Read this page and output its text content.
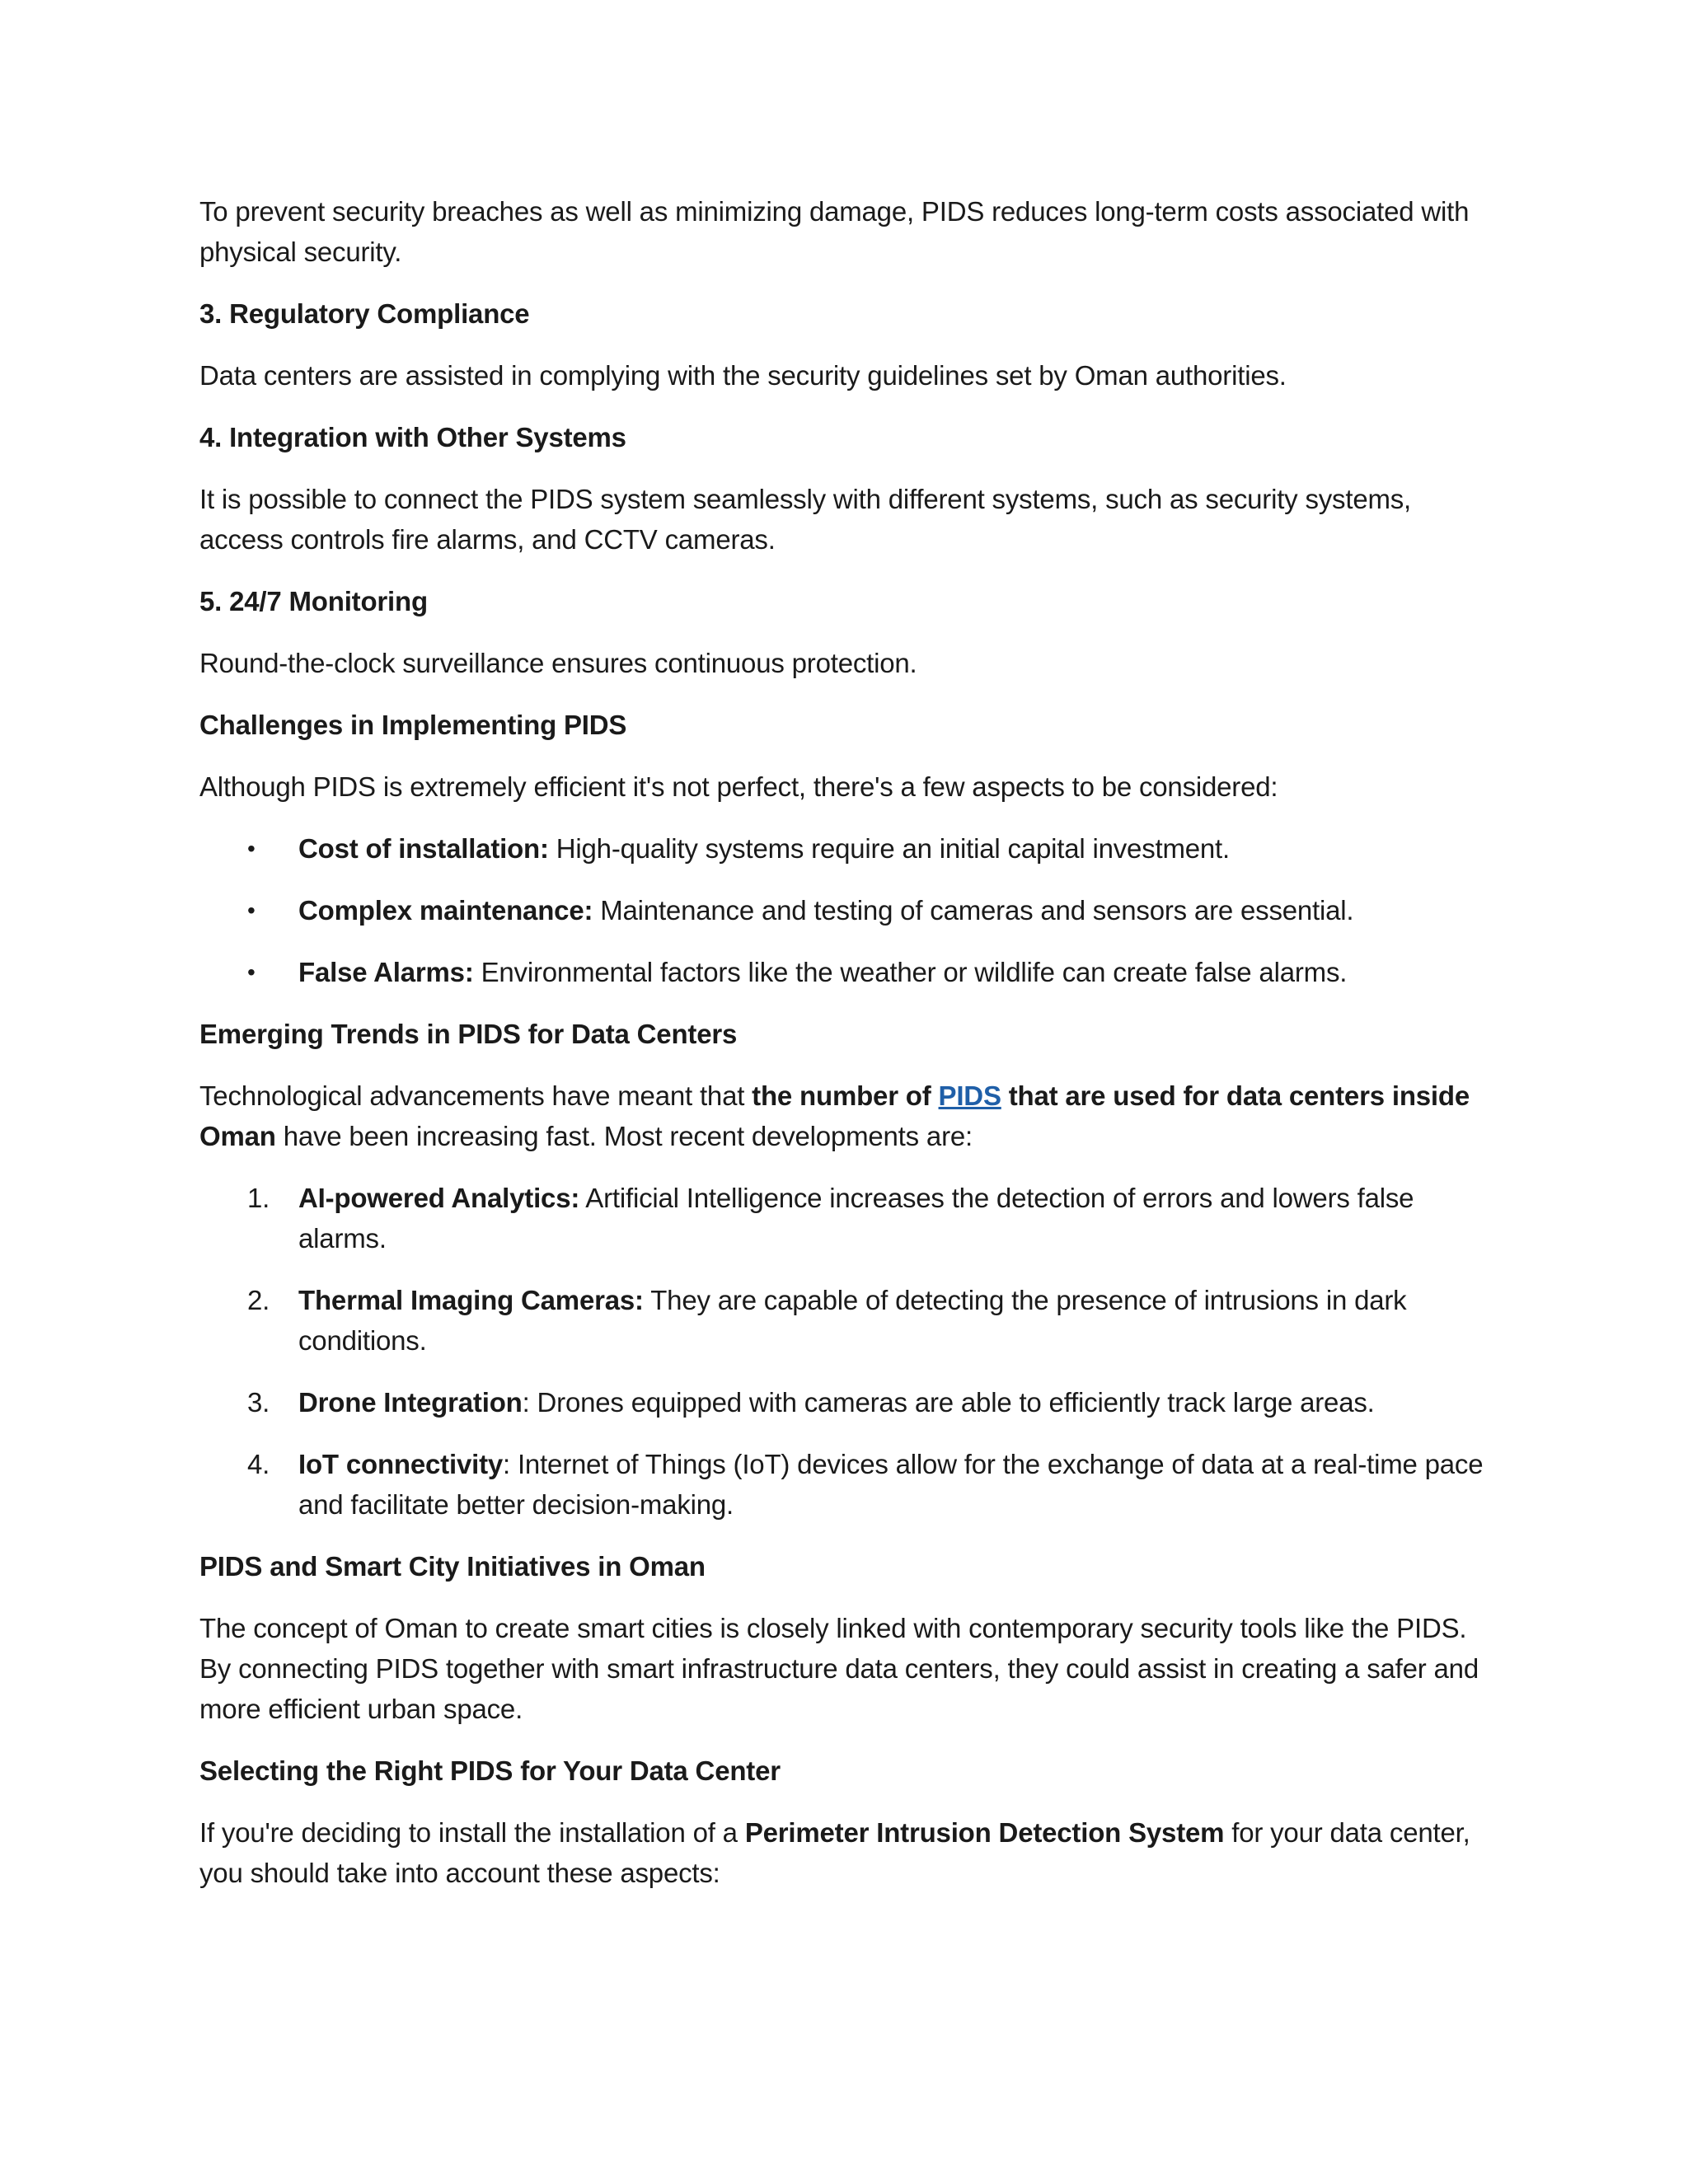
To prevent security breaches as well as minimizing damage, PIDS reduces long-term costs associated with physical security.

3. Regulatory Compliance

Data centers are assisted in complying with the security guidelines set by Oman authorities.

4. Integration with Other Systems

It is possible to connect the PIDS system seamlessly with different systems, such as security systems, access controls fire alarms, and CCTV cameras.

5. 24/7 Monitoring

Round-the-clock surveillance ensures continuous protection.

Challenges in Implementing PIDS

Although PIDS is extremely efficient it's not perfect, there's a few aspects to be considered:

• Cost of installation: High-quality systems require an initial capital investment.
• Complex maintenance: Maintenance and testing of cameras and sensors are essential.
• False Alarms: Environmental factors like the weather or wildlife can create false alarms.

Emerging Trends in PIDS for Data Centers

Technological advancements have meant that the number of PIDS that are used for data centers inside Oman have been increasing fast. Most recent developments are:

1. AI-powered Analytics: Artificial Intelligence increases the detection of errors and lowers false alarms.
2. Thermal Imaging Cameras: They are capable of detecting the presence of intrusions in dark conditions.
3. Drone Integration: Drones equipped with cameras are able to efficiently track large areas.
4. IoT connectivity: Internet of Things (IoT) devices allow for the exchange of data at a real-time pace and facilitate better decision-making.

PIDS and Smart City Initiatives in Oman

The concept of Oman to create smart cities is closely linked with contemporary security tools like the PIDS. By connecting PIDS together with smart infrastructure data centers, they could assist in creating a safer and more efficient urban space.

Selecting the Right PIDS for Your Data Center

If you're deciding to install the installation of a Perimeter Intrusion Detection System for your data center, you should take into account these aspects:
